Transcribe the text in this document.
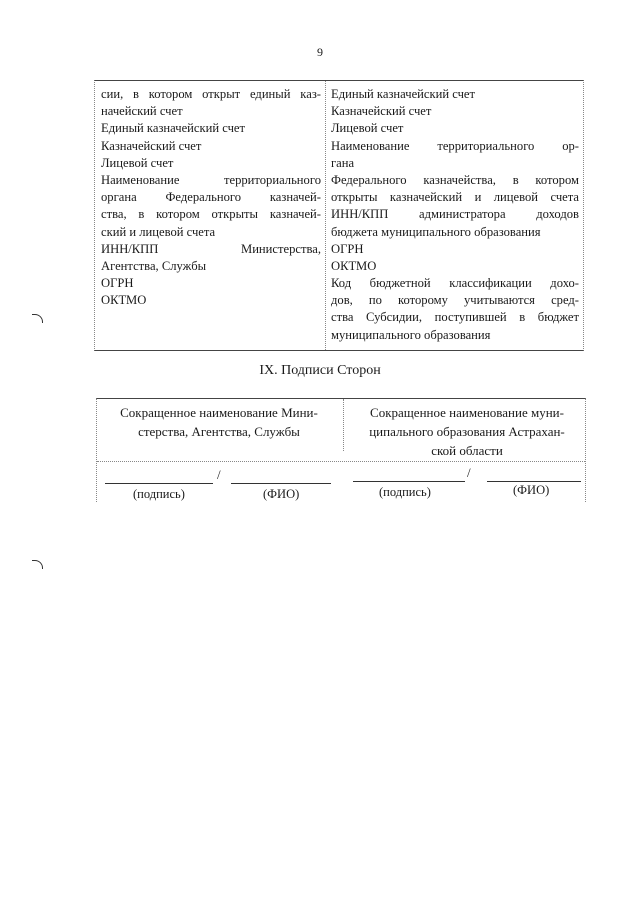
9
сии, в котором открыт единый каз-
начейский счет
Единый казначейский счет
Казначейский счет
Лицевой счет
Наименование территориального
органа Федерального казначей-
ства, в котором открыты казначей-
ский и лицевой счета
ИНН/КПП Министерства,
Агентства, Службы
ОГРН
ОКТМО
Единый казначейский счет
Казначейский счет
Лицевой счет
Наименование территориального ор-
гана
Федерального казначейства, в котором
открыты казначейский и лицевой счета
ИНН/КПП администратора доходов
бюджета муниципального образования
ОГРН
ОКТМО
Код бюджетной классификации дохо-
дов, по которому учитываются сред-
ства Субсидии, поступившей в бюджет
муниципального образования
IX. Подписи Сторон
Сокращенное наименование Мини-
стерства, Агентства, Службы
Сокращенное наименование муни-
ципального образования Астрахан-
ской области
/
(подпись)	(ФИО)
/
(подпись)	(ФИО)
